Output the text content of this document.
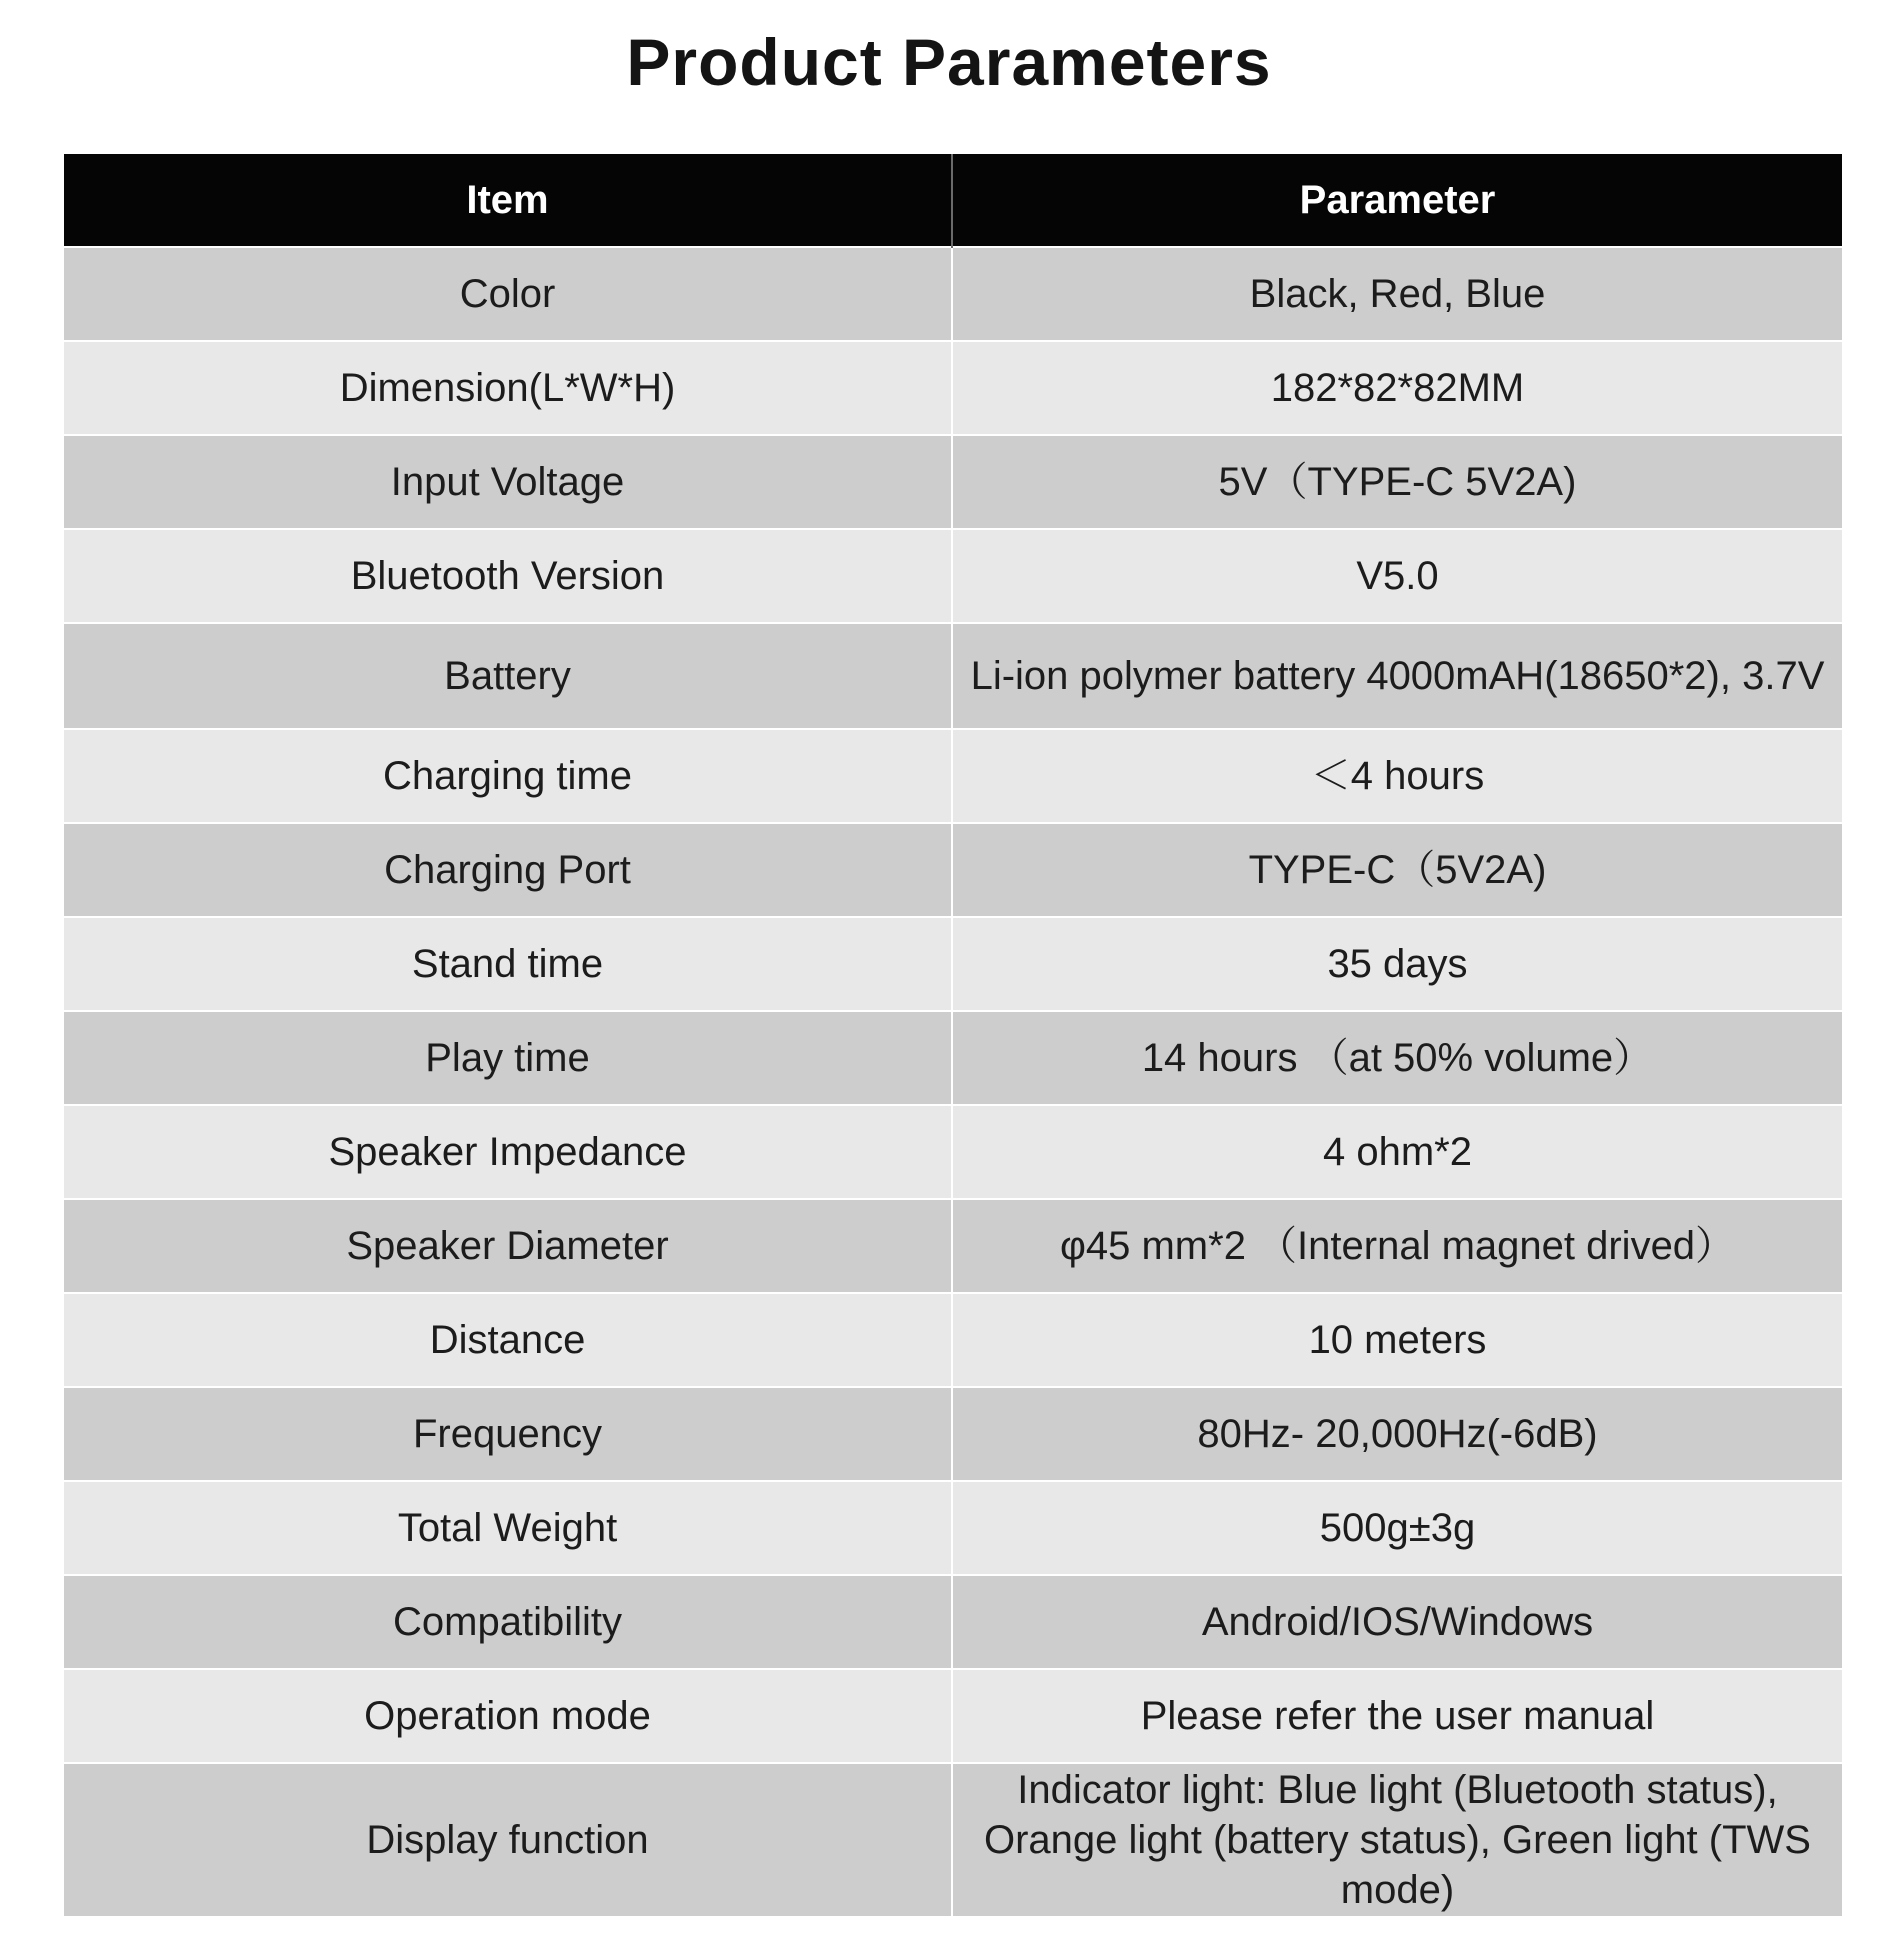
Product Parameters
Item	Parameter
Color	Black, Red, Blue
Dimension(L*W*H)	182*82*82MM
Input Voltage	5V（TYPE-C 5V2A)
Bluetooth Version	V5.0
Battery	Li-ion polymer battery 4000mAH(18650*2), 3.7V
Charging time	＜4 hours
Charging Port	TYPE-C（5V2A)
Stand time	35 days
Play time	14 hours （at 50% volume）
Speaker Impedance	4 ohm*2
Speaker Diameter	φ45 mm*2 （Internal magnet drived）
Distance	10 meters
Frequency	80Hz- 20,000Hz(-6dB)
Total Weight	500g±3g
Compatibility	Android/IOS/Windows
Operation mode	Please refer the user manual
Display function	Indicator light: Blue light (Bluetooth status), Orange light (battery status), Green light (TWS mode)
